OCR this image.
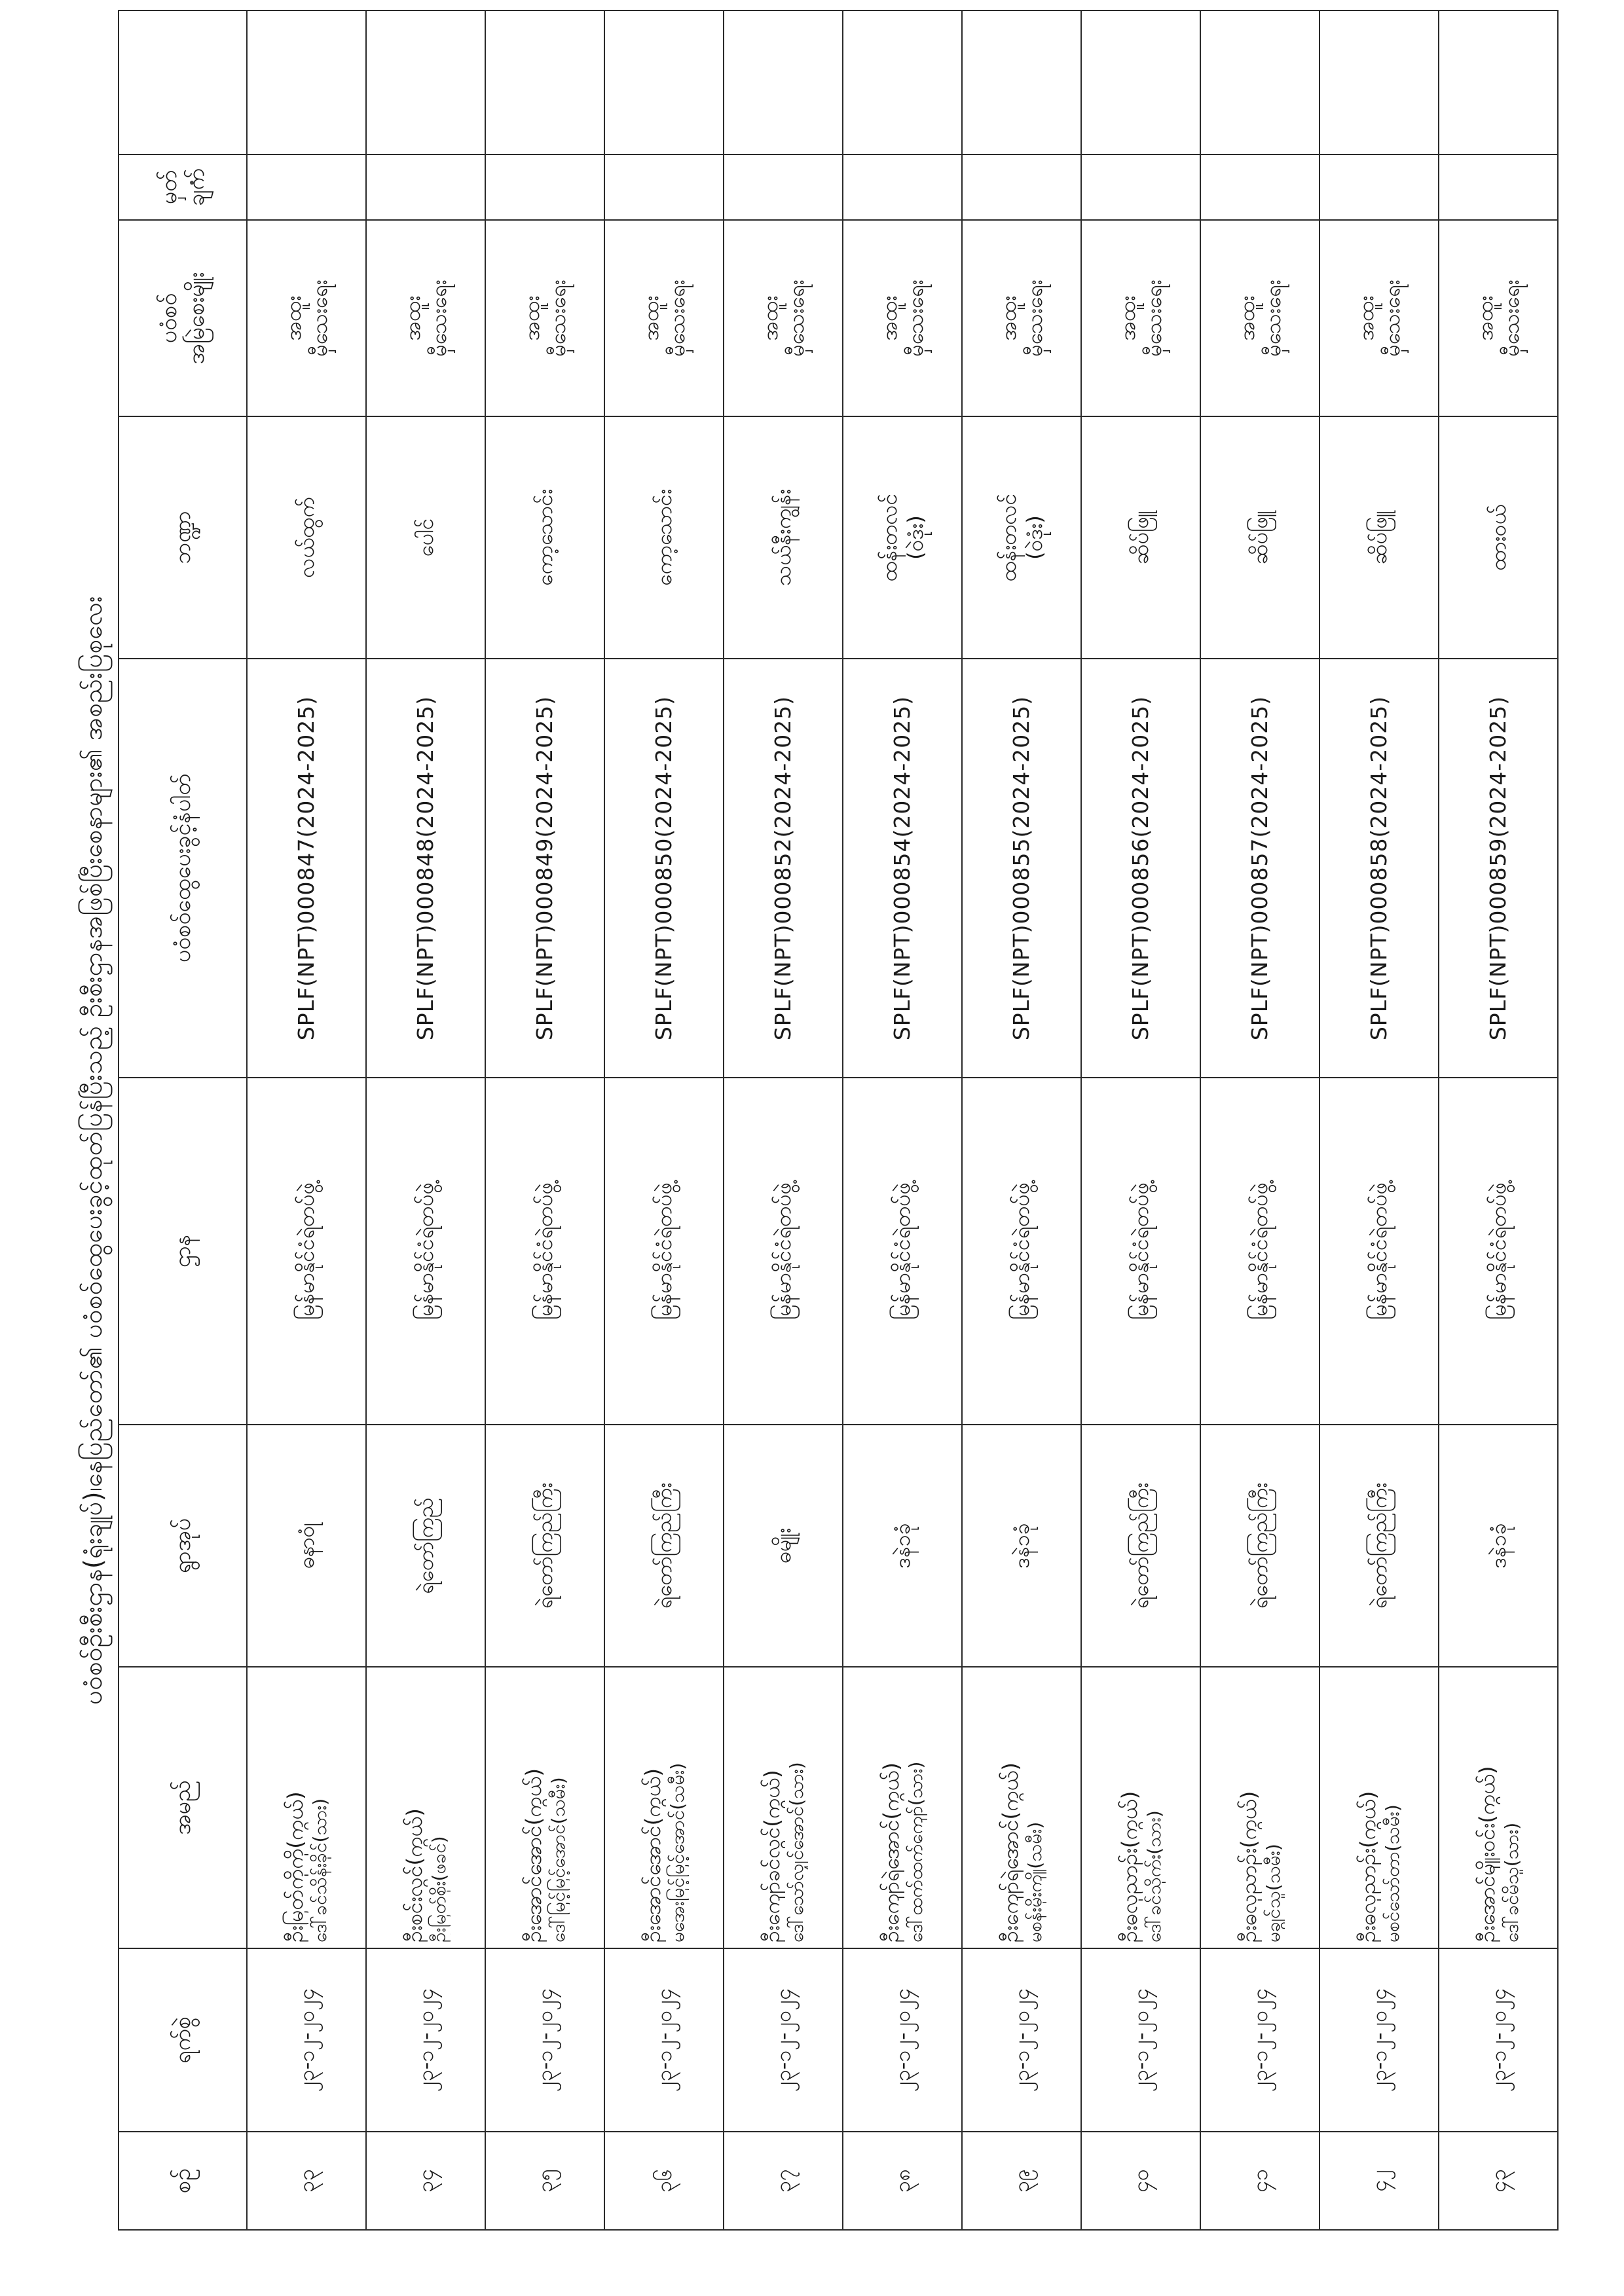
ပဝံစဝ်ဦးစီးဌာန(ရုံးချုပ်)၊နေပြည်တော်၏ ပဝံစဝ်ထွေပေးခွင့်ထုတ်ပြန်ပြီးသည့် ဦးစီးဌာနအဖြစ်ပြီးစေနာများ၏ အစည်းပြစုလေး
စဉ်	ရက်စွဲ	အမည်	ရွာအုပ်	ဌာန	ပဝံစဝ်ထွေပေးခွင့်နံပါတ်	ဘဏ္ဍာ	ပဝံစဝ် အမြဲစေးမျိုး	မှတ် ချက်	

၃၃	၂၃-၁၂-၂၀၂၄	ဦးမြတ်ကိုကို(ကွယ်) ဒေါ်ခင်သိန်းခိုင်(သား)	ဓနာ၀ုံ	မြန်မာနိုင်ငံရဲတပ်ဖွဲ့	SPLF(NPT)000847(2024-2025)	လယ်ထွက်	အထူး မှီသေးရေး		

၃၄	၂၃-၁၂-၂၀၂၄	ဦးစင်းလွင်(ကွယ်) ဦးမြတ်စိုး(ဖခင်)	ရဲတော်ကြည်	မြန်မာနိုင်ငံရဲတပ်ဖွဲ့	SPLF(NPT)000848(2024-2025)	ပေါင်	အထူး မှီသေးရေး		

၃၅	၂၃-၁၂-၂၀၂၄	ဦးအောင်အောင်(ကွယ်) ဒေါ်မြင့်မြင့်အောင်(သမီး)	ရဲတော်ကြည်ကြီး	မြန်မာနိုင်ငံရဲတပ်ဖွဲ့	SPLF(NPT)000849(2024-2025)	ကော့သောင်း	အထူး မှီသေးရေး		

၃၆	၂၃-၁၂-၂၀၂၄	ဦးအောင်အောင်(ကွယ်) မအေးမြင့်မြင့်အောင်(သမီး)	ရဲတော်ကြည်ကြီး	မြန်မာနိုင်ငံရဲတပ်ဖွဲ့	SPLF(NPT)000850(2024-2025)	ကော့သောင်း	အထူး မှီသေးရေး		

၃၇	၂၃-၁၂-၂၀၂၄	ဦးကျော်ခင်လွင်(ကွယ်) ဒေါ်သော်လျှင်အောင်(သား)	ဓမျိုး	မြန်မာနိုင်ငံရဲတပ်ဖွဲ့	SPLF(NPT)000852(2024-2025)	သယ်နီးကျွန်း	အထူး မှီသေးရေး		

၃၈	၂၃-၁၂-၂၀၂၄	ဦးကျော်ရဲအောင်(ကွယ်) ဒေါ်ထက်ထက်ကျော်(သား)	ဒနဲ၁ခုံ	မြန်မာနိုင်ငံရဲတပ်ဖွဲ့	SPLF(NPT)000854(2024-2025)	ထန်းတလင် (၀ဲဒုံး)	အထူး မှီသေးရေး		

၃၉	၂၃-၁၂-၂၀၂၄	ဦးကျော်ရဲအောင်(ကွယ်) မစန်းမိုးကျို(သမီး)	ဒနဲ၁ခုံ	မြန်မာနိုင်ငံရဲတပ်ဖွဲ့	SPLF(NPT)000855(2024-2025)	ထန်းတလင် (၀ဲဒုံး)	အထူး မှီသေးရေး		

၄၀	၂၃-၁၂-၂၀၂၄	ဦးဓလှညာဉ်း(ကွယ်) ဒေါ်ခင်သိုက်း(သား)	ရဲတော်ကြည်ကြီး	မြန်မာနိုင်ငံရဲတပ်ဖွဲ့	SPLF(NPT)000856(2024-2025)	ဆိပ်ဖြူ	အထူး မှီသေးရေး		

၄၁	၂၃-၁၂-၂၀၂၄	ဦးဓလှညာဉ်း(ကွယ်) မချွင်သူ(သမီး)	ရဲတော်ကြည်ကြီး	မြန်မာနိုင်ငံရဲတပ်ဖွဲ့	SPLF(NPT)000857(2024-2025)	ဆိပ်ဖြူ	အထူး မှီသေးရေး		

၄၂	၂၃-၁၂-၂၀၂၄	ဦးဓလှညာဉ်း(ကွယ်) မစင်သော်တာ(သမီး)	ရဲတော်ကြည်ကြီး	မြန်မာနိုင်ငံရဲတပ်ဖွဲ့	SPLF(NPT)000858(2024-2025)	ဆိပ်ဖြူ	အထူး မှီသေးရေး		

၄၃	၂၃-၁၂-၂၀၂၄	ဦးအောင်မျိုးဝင်း(ကွယ်) ဒေါ်ခင်မိသူ(သား)	ဒနဲ၁ခုံ	မြန်မာနိုင်ငံရဲတပ်ဖွဲ့	SPLF(NPT)000859(2024-2025)	ထားဝယ်	အထူး မှီသေးရေး		
